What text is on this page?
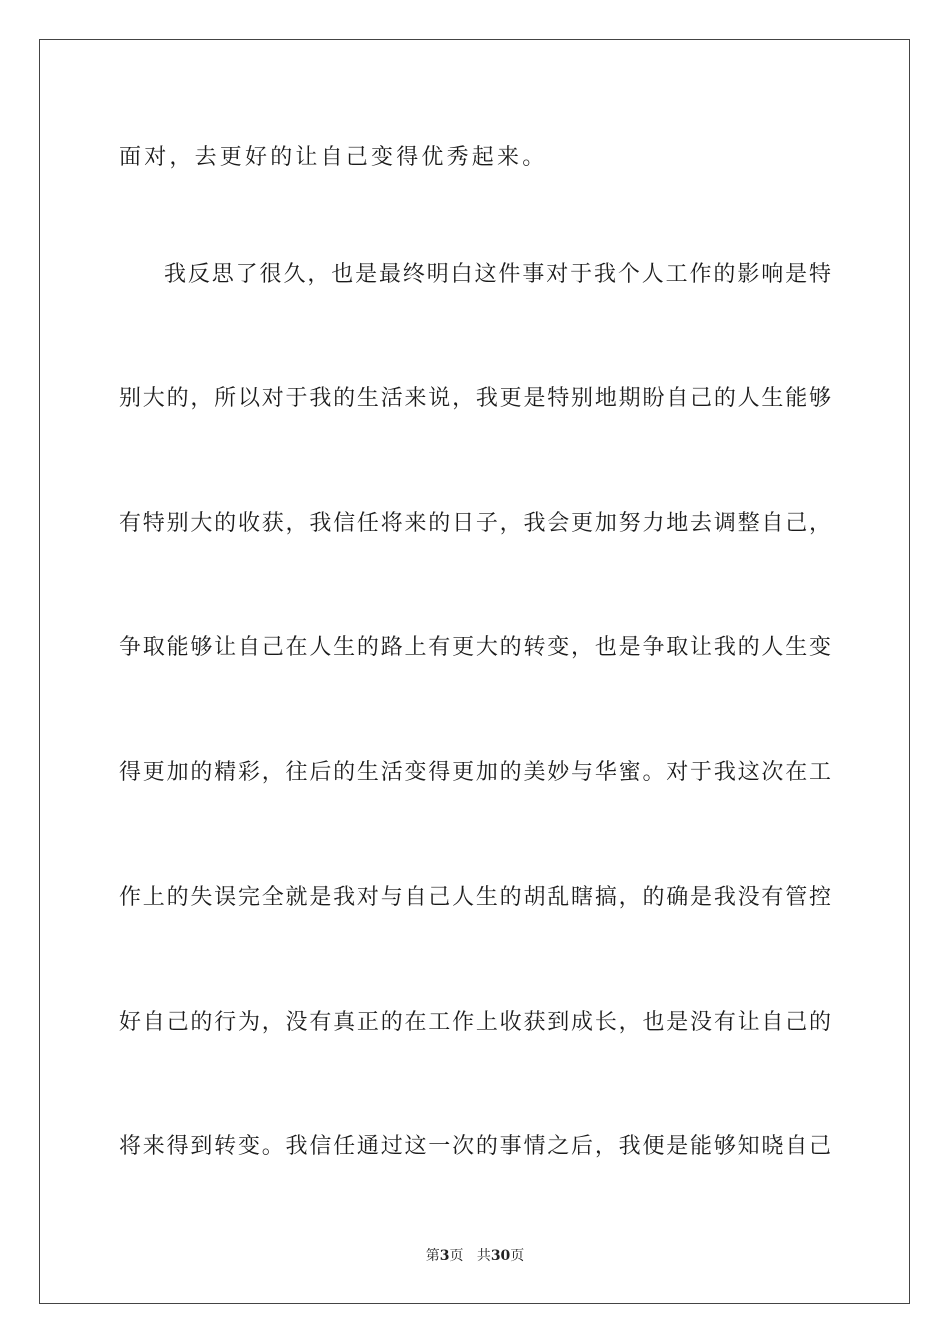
面对，去更好的让自己变得优秀起来。
我反思了很久，也是最终明白这件事对于我个人工作的影响是特
别大的，所以对于我的生活来说，我更是特别地期盼自己的人生能够
有特别大的收获，我信任将来的日子，我会更加努力地去调整自己，
争取能够让自己在人生的路上有更大的转变，也是争取让我的人生变
得更加的精彩，往后的生活变得更加的美妙与华蜜。对于我这次在工
作上的失误完全就是我对与自己人生的胡乱瞎搞，的确是我没有管控
好自己的行为，没有真正的在工作上收获到成长，也是没有让自己的
将来得到转变。我信任通过这一次的事情之后，我便是能够知晓自己
第3页 共30页
